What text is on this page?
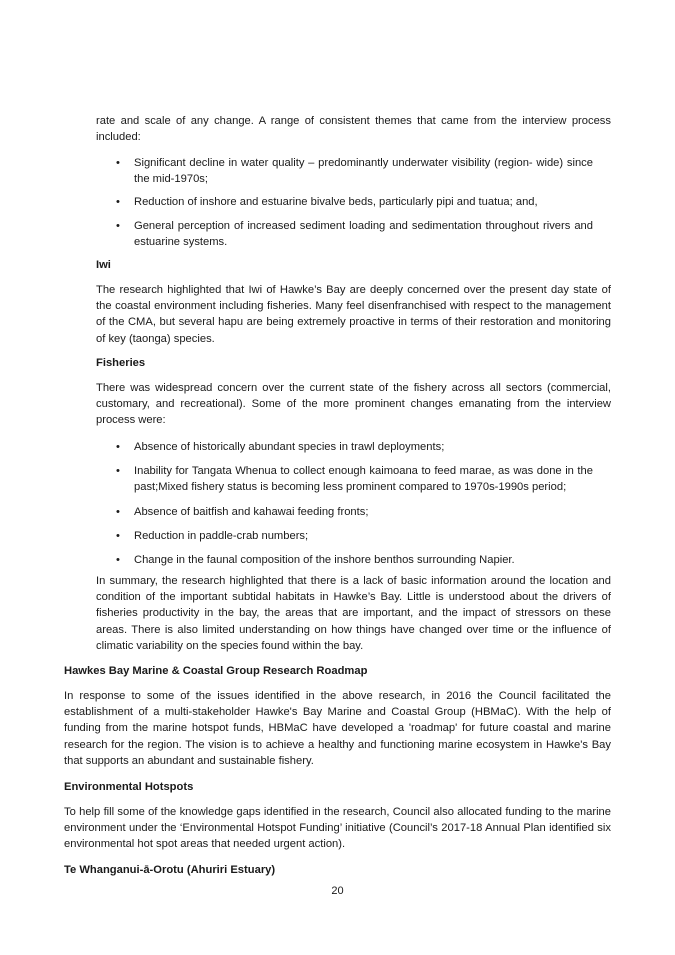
rate and scale of any change. A range of consistent themes that came from the interview process included:

• Significant decline in water quality – predominantly underwater visibility (region- wide) since the mid-1970s;
• Reduction of inshore and estuarine bivalve beds, particularly pipi and tuatua; and,
• General perception of increased sediment loading and sedimentation throughout rivers and estuarine systems.

Iwi

The research highlighted that Iwi of Hawke’s Bay are deeply concerned over the present day state of the coastal environment including fisheries. Many feel disenfranchised with respect to the management of the CMA, but several hapu are being extremely proactive in terms of their restoration and monitoring of key (taonga) species.

Fisheries

There was widespread concern over the current state of the fishery across all sectors (commercial, customary, and recreational). Some of the more prominent changes emanating from the interview process were:

• Absence of historically abundant species in trawl deployments;
• Inability for Tangata Whenua to collect enough kaimoana to feed marae, as was done in the past;Mixed fishery status is becoming less prominent compared to 1970s-1990s period;
• Absence of baitfish and kahawai feeding fronts;
• Reduction in paddle-crab numbers;
• Change in the faunal composition of the inshore benthos surrounding Napier.

In summary, the research highlighted that there is a lack of basic information around the location and condition of the important subtidal habitats in Hawke’s Bay. Little is understood about the drivers of fisheries productivity in the bay, the areas that are important, and the impact of stressors on these areas. There is also limited understanding on how things have changed over time or the influence of climatic variability on the species found within the bay.

Hawkes Bay Marine & Coastal Group Research Roadmap

In response to some of the issues identified in the above research, in 2016 the Council facilitated the establishment of a multi-stakeholder Hawke's Bay Marine and Coastal Group (HBMaC). With the help of funding from the marine hotspot funds, HBMaC have developed a 'roadmap' for future coastal and marine research for the region. The vision is to achieve a healthy and functioning marine ecosystem in Hawke's Bay that supports an abundant and sustainable fishery.

Environmental Hotspots

To help fill some of the knowledge gaps identified in the research, Council also allocated funding to the marine environment under the ‘Environmental Hotspot Funding’ initiative (Council’s 2017-18 Annual Plan identified six environmental hot spot areas that needed urgent action).

Te Whanganui-ā-Orotu (Ahuriri Estuary)

20
